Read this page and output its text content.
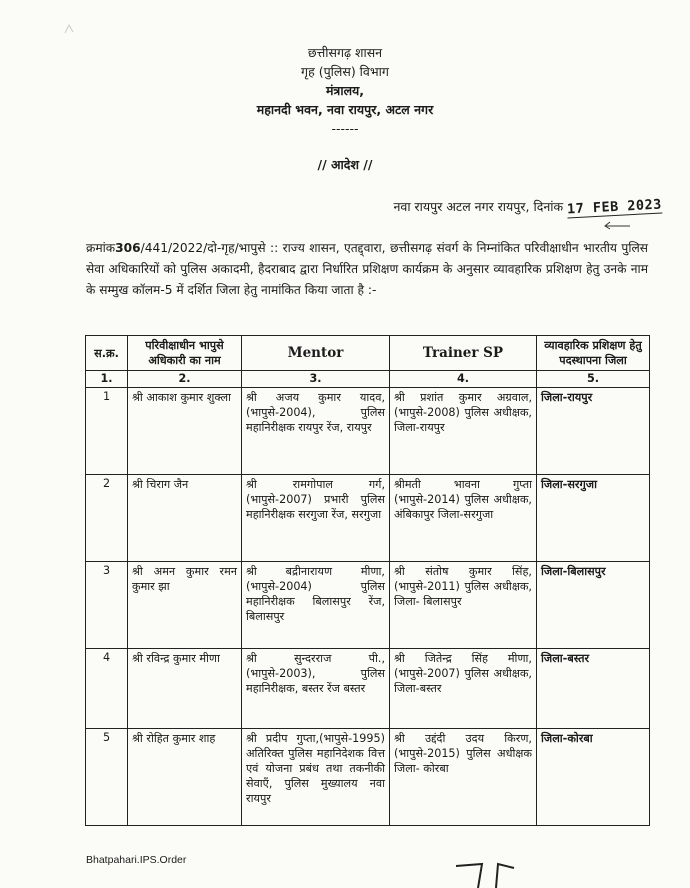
छत्तीसगढ़ शासन
गृह (पुलिस) विभाग
मंत्रालय,
महानदी भवन, नवा रायपुर, अटल नगर
------
// आदेश //
नवा रायपुर अटल नगर रायपुर, दिनांक 17 FEB 2023
क्रमांक306/441/2022/दो-गृह/भापुसे :: राज्य शासन, एतद्द्वारा, छत्तीसगढ़ संवर्ग के निम्नांकित परिवीक्षाधीन भारतीय पुलिस सेवा अधिकारियों को पुलिस अकादमी, हैदराबाद द्वारा निर्धारित प्रशिक्षण कार्यक्रम के अनुसार व्यावहारिक प्रशिक्षण हेतु उनके नाम के सम्मुख कॉलम-5 में दर्शित जिला हेतु नामांकित किया जाता है :-
स.क्र.	परिवीक्षाधीन भापुसे अधिकारी का नाम	Mentor	Trainer SP	व्यावहारिक प्रशिक्षण हेतु पदस्थापना जिला
1.	2.	3.	4.	5.
1	श्री आकाश कुमार शुक्ला	श्री अजय कुमार यादव, (भापुसे-2004), पुलिस महानिरीक्षक रायपुर रेंज, रायपुर	श्री प्रशांत कुमार अग्रवाल, (भापुसे-2008) पुलिस अधीक्षक, जिला-रायपुर	जिला-रायपुर
2	श्री चिराग जैन	श्री रामगोपाल गर्ग, (भापुसे-2007) प्रभारी पुलिस महानिरीक्षक सरगुजा रेंज, सरगुजा	श्रीमती भावना गुप्ता (भापुसे-2014) पुलिस अधीक्षक, अंबिकापुर जिला-सरगुजा	जिला-सरगुजा
3	श्री अमन कुमार रमन कुमार झा	श्री बद्रीनारायण मीणा, (भापुसे-2004) पुलिस महानिरीक्षक बिलासपुर रेंज, बिलासपुर	श्री संतोष कुमार सिंह, (भापुसे-2011) पुलिस अधीक्षक, जिला- बिलासपुर	जिला-बिलासपुर
4	श्री रविन्द्र कुमार मीणा	श्री सुन्दरराज पी., (भापुसे-2003), पुलिस महानिरीक्षक, बस्तर रेंज बस्तर	श्री जितेन्द्र सिंह मीणा, (भापुसे-2007) पुलिस अधीक्षक, जिला-बस्तर	जिला-बस्तर
5	श्री रोहित कुमार शाह	श्री प्रदीप गुप्ता,(भापुसे-1995) अतिरिक्त पुलिस महानिदेशक वित्त एवं योजना प्रबंध तथा तकनीकी सेवाएँ, पुलिस मुख्यालय नवा रायपुर	श्री उद्दंदी उदय किरण, (भापुसे-2015) पुलिस अधीक्षक जिला- कोरबा	जिला-कोरबा
Bhatpahari.IPS.Order
